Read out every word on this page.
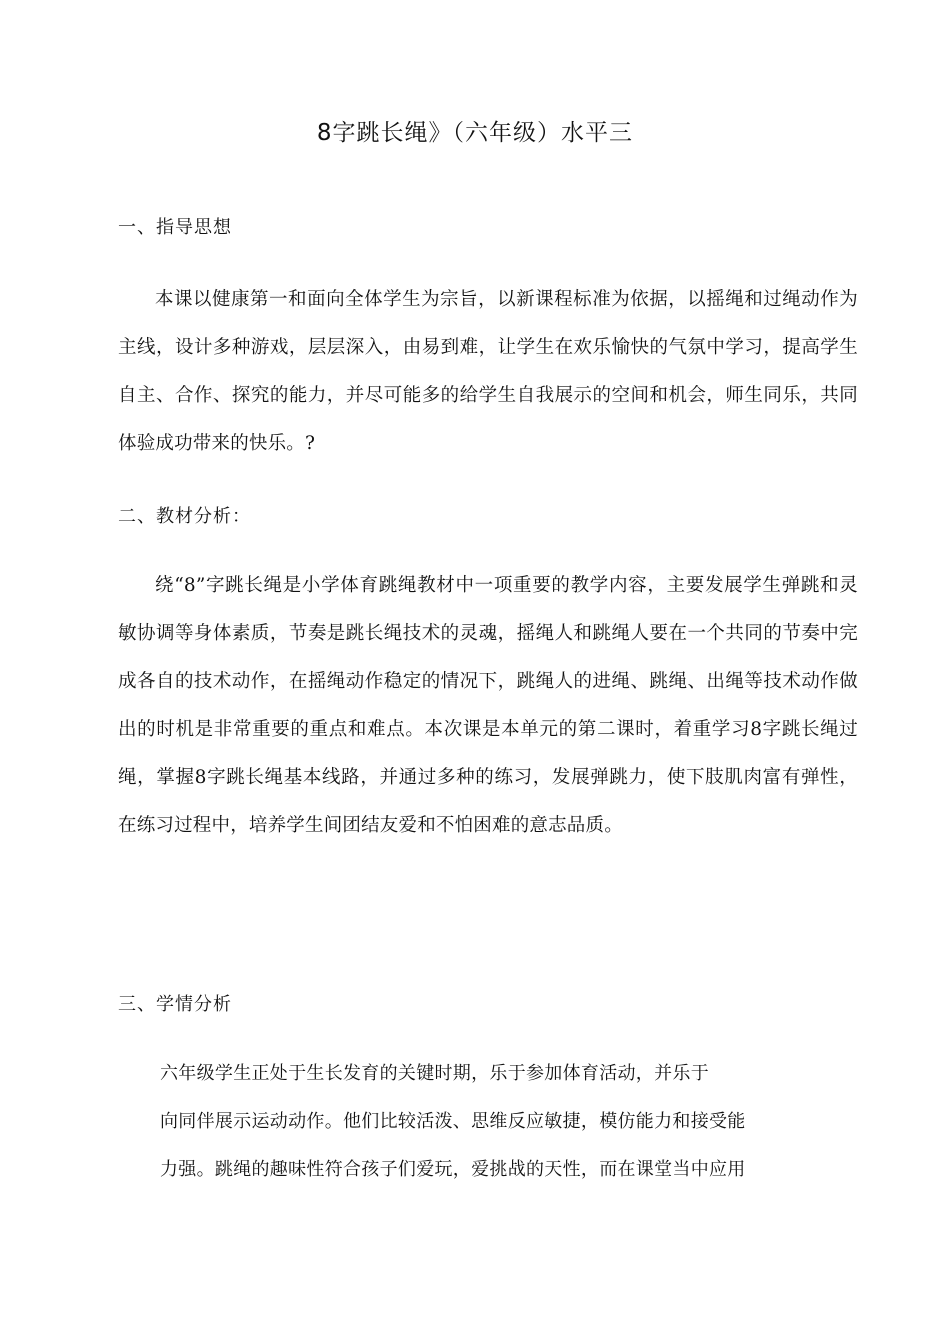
8字跳长绳》（六年级）水平三
一、指导思想
本课以健康第一和面向全体学生为宗旨，以新课程标准为依据，以摇绳和过绳动作为主线，设计多种游戏，层层深入，由易到难，让学生在欢乐愉快的气氛中学习，提高学生自主、合作、探究的能力，并尽可能多的给学生自我展示的空间和机会，师生同乐，共同体验成功带来的快乐。?
二、教材分析：
绕“8”字跳长绳是小学体育跳绳教材中一项重要的教学内容，主要发展学生弹跳和灵敏协调等身体素质，节奏是跳长绳技术的灵魂，摇绳人和跳绳人要在一个共同的节奏中完成各自的技术动作，在摇绳动作稳定的情况下，跳绳人的进绳、跳绳、出绳等技术动作做出的时机是非常重要的重点和难点。本次课是本单元的第二课时，着重学习8字跳长绳过绳，掌握8字跳长绳基本线路，并通过多种的练习，发展弹跳力，使下肢肌肉富有弹性，在练习过程中，培养学生间团结友爱和不怕困难的意志品质。
三、学情分析
六年级学生正处于生长发育的关键时期，乐于参加体育活动，并乐于
向同伴展示运动动作。他们比较活泼、思维反应敏捷，模仿能力和接受能
力强。跳绳的趣味性符合孩子们爱玩，爱挑战的天性，而在课堂当中应用
